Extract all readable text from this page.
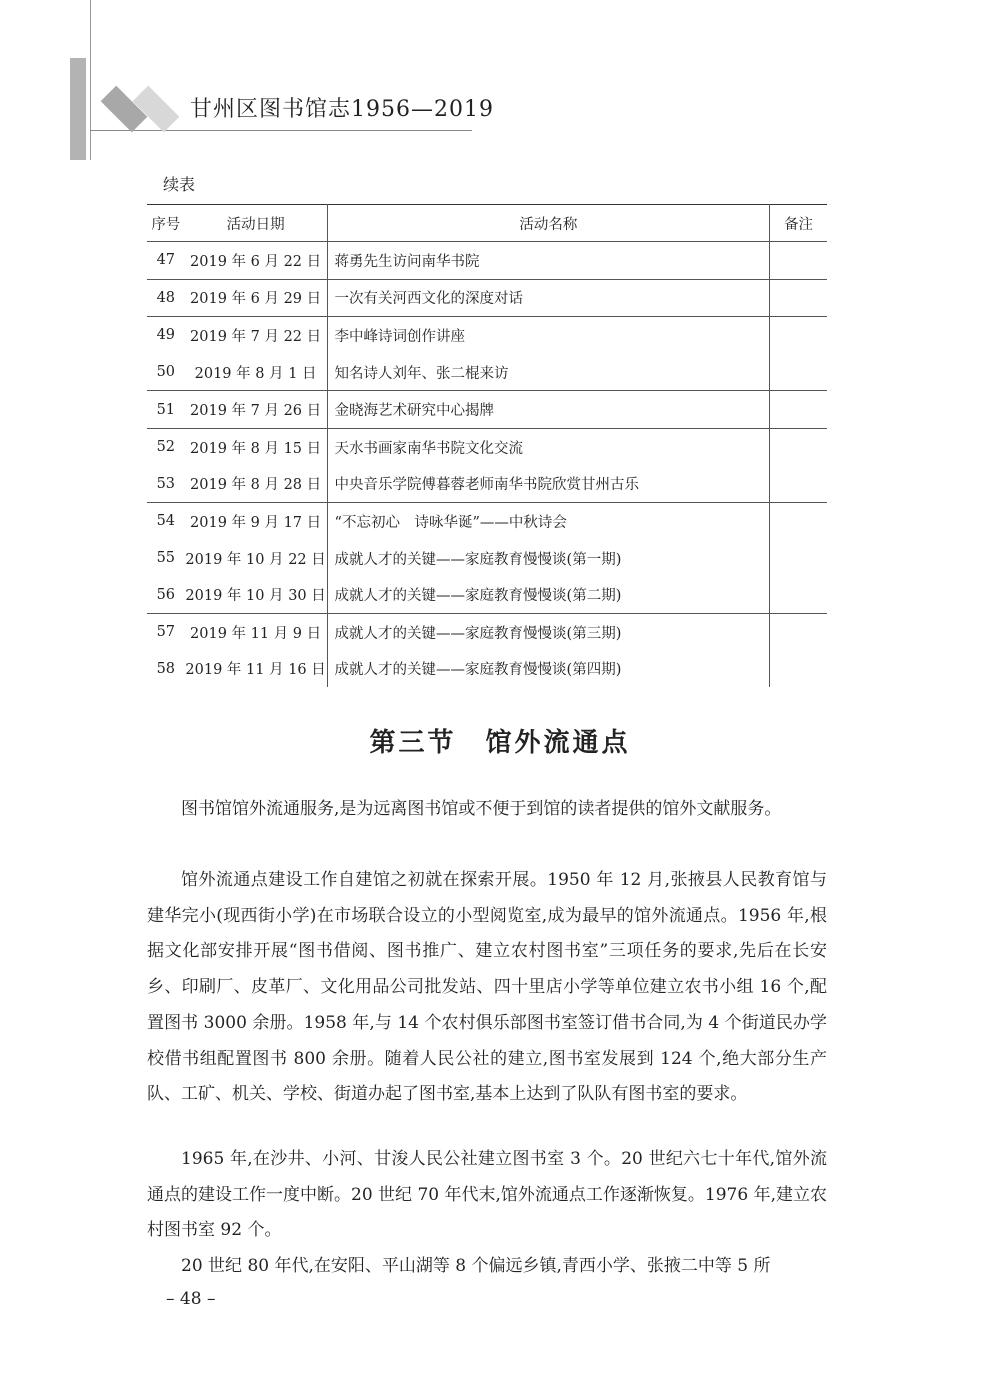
甘州区图书馆志1956—2019
续表
序号	活动日期	活动名称	备注
47	2019 年 6 月 22 日	蒋勇先生访问南华书院	
48	2019 年 6 月 29 日	一次有关河西文化的深度对话	
49	2019 年 7 月 22 日	李中峰诗词创作讲座	
50	2019 年 8 月 1 日	知名诗人刘年、张二棍来访	
51	2019 年 7 月 26 日	金晓海艺术研究中心揭牌	
52	2019 年 8 月 15 日	天水书画家南华书院文化交流	
53	2019 年 8 月 28 日	中央音乐学院傅暮蓉老师南华书院欣赏甘州古乐	
54	2019 年 9 月 17 日	“不忘初心　诗咏华诞”——中秋诗会	
55	2019 年 10 月 22 日	成就人才的关键——家庭教育慢慢谈(第一期)	
56	2019 年 10 月 30 日	成就人才的关键——家庭教育慢慢谈(第二期)	
57	2019 年 11 月 9 日	成就人才的关键——家庭教育慢慢谈(第三期)	
58	2019 年 11 月 16 日	成就人才的关键——家庭教育慢慢谈(第四期)	
第三节　馆外流通点

图书馆馆外流通服务,是为远离图书馆或不便于到馆的读者提供的馆外文献服务。

馆外流通点建设工作自建馆之初就在探索开展。1950 年 12 月,张掖县人民教育馆与建华完小(现西街小学)在市场联合设立的小型阅览室,成为最早的馆外流通点。1956 年,根据文化部安排开展“图书借阅、图书推广、建立农村图书室”三项任务的要求,先后在长安乡、印刷厂、皮革厂、文化用品公司批发站、四十里店小学等单位建立农书小组 16 个,配置图书 3000 余册。1958 年,与 14 个农村俱乐部图书室签订借书合同,为 4 个街道民办学校借书组配置图书 800 余册。随着人民公社的建立,图书室发展到 124 个,绝大部分生产队、工矿、机关、学校、街道办起了图书室,基本上达到了队队有图书室的要求。

1965 年,在沙井、小河、甘浚人民公社建立图书室 3 个。20 世纪六七十年代,馆外流通点的建设工作一度中断。20 世纪 70 年代末,馆外流通点工作逐渐恢复。1976 年,建立农村图书室 92 个。

20 世纪 80 年代,在安阳、平山湖等 8 个偏远乡镇,青西小学、张掖二中等 5 所

– 48 –
